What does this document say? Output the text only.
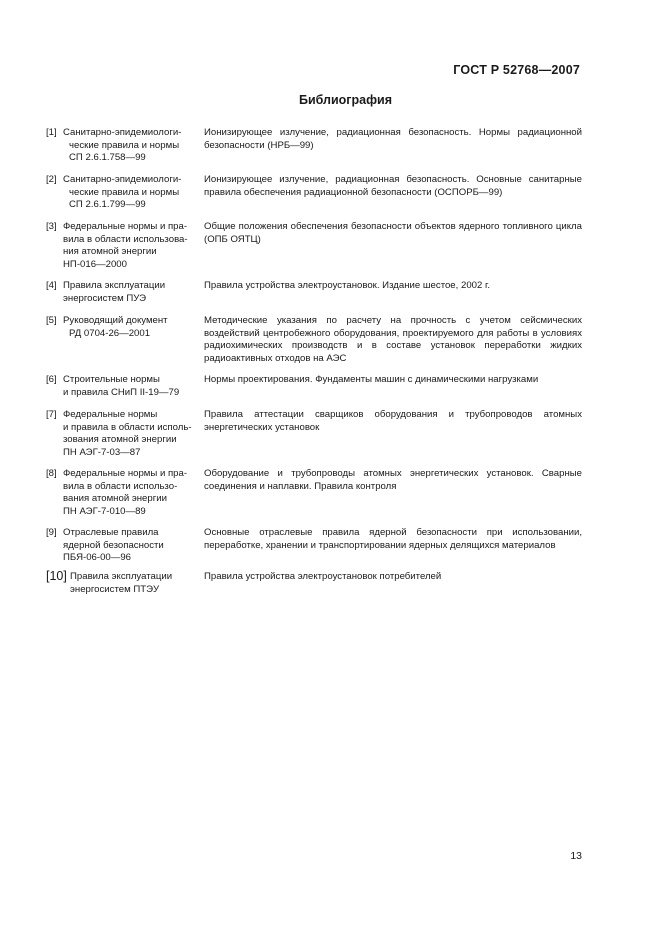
ГОСТ Р 52768—2007
Библиография
[1] Санитарно-эпидемиологи-
ческие правила и нормы
СП 2.6.1.758—99
Ионизирующее излучение, радиационная безопасность. Нормы радиационной безопасности (НРБ—99)
[2] Санитарно-эпидемиологи-
ческие правила и нормы
СП 2.6.1.799—99
Ионизирующее излучение, радиационная безопасность. Основные санитарные правила обеспечения радиационной безопасности (ОСПОРБ—99)
[3] Федеральные нормы и пра-
вила в области использова-
ния атомной энергии
НП-016—2000
Общие положения обеспечения безопасности объектов ядерного топливного цикла (ОПБ ОЯТЦ)
[4] Правила эксплуатации
энергосистем ПУЭ
Правила устройства электроустановок. Издание шестое, 2002 г.
[5] Руководящий документ
РД 0704-26—2001
Методические указания по расчету на прочность с учетом сейсмических воздействий центробежного оборудования, проектируемого для работы в условиях радиохимических производств и в составе установок переработки жидких радиоактивных отходов на АЭС
[6] Строительные нормы
и правила СНиП II-19—79
Нормы проектирования. Фундаменты машин с динамическими нагрузками
[7] Федеральные нормы
и правила в области исполь-
зования атомной энергии
ПН АЭГ-7-03—87
Правила аттестации сварщиков оборудования и трубопроводов атомных энергетических установок
[8] Федеральные нормы и пра-
вила в области использо-
вания атомной энергии
ПН АЭГ-7-010—89
Оборудование и трубопроводы атомных энергетических установок. Сварные соединения и наплавки. Правила контроля
[9] Отраслевые правила
ядерной безопасности
ПБЯ-06-00—96
Основные отраслевые правила ядерной безопасности при использовании, переработке, хранении и транспортировании ядерных делящихся материалов
[10] Правила эксплуатации
энергосистем ПТЭУ
Правила устройства электроустановок потребителей
13
